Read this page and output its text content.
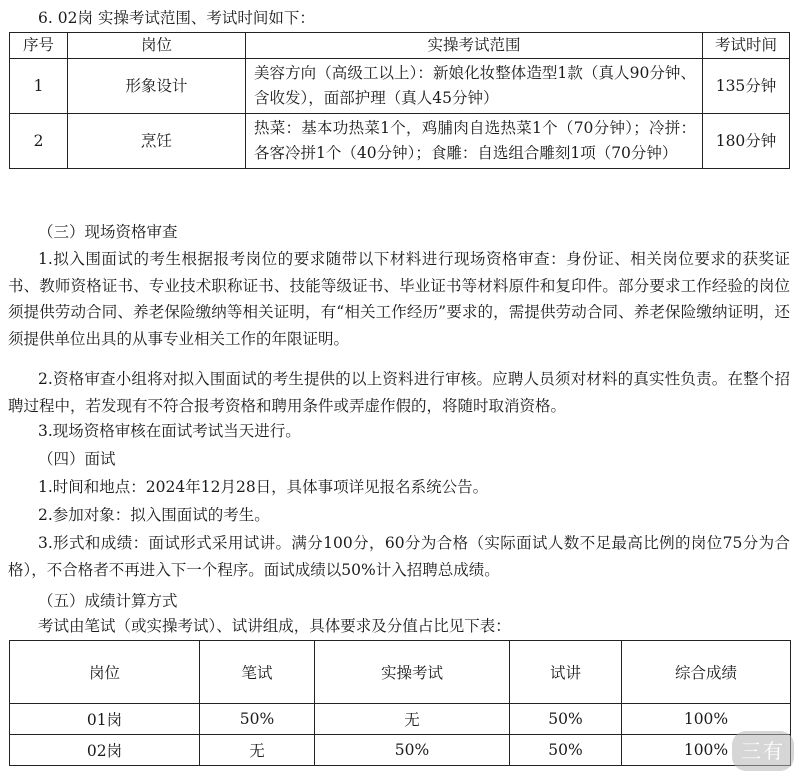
6. 02岗 实操考试范围、考试时间如下：
序号	岗位	实操考试范围	考试时间
1	形象设计	美容方向（高级工以上）：新娘化妆整体造型1款（真人90分钟、含收发），面部护理（真人45分钟）	135分钟
2	烹饪	热菜：基本功热菜1个，鸡脯肉自选热菜1个（70分钟）；冷拼：各客冷拼1个（40分钟）；食雕：自选组合雕刻1项（70分钟）	180分钟
（三）现场资格审查
1.拟入围面试的考生根据报考岗位的要求随带以下材料进行现场资格审查：身份证、相关岗位要求的获奖证书、教师资格证书、专业技术职称证书、技能等级证书、毕业证书等材料原件和复印件。部分要求工作经验的岗位须提供劳动合同、养老保险缴纳等相关证明，有“相关工作经历”要求的，需提供劳动合同、养老保险缴纳证明，还须提供单位出具的从事专业相关工作的年限证明。
2.资格审查小组将对拟入围面试的考生提供的以上资料进行审核。应聘人员须对材料的真实性负责。在整个招聘过程中，若发现有不符合报考资格和聘用条件或弄虚作假的，将随时取消资格。
3.现场资格审核在面试考试当天进行。
（四）面试
1.时间和地点：2024年12月28日，具体事项详见报名系统公告。
2.参加对象：拟入围面试的考生。
3.形式和成绩：面试形式采用试讲。满分100分，60分为合格（实际面试人数不足最高比例的岗位75分为合格），不合格者不再进入下一个程序。面试成绩以50%计入招聘总成绩。
（五）成绩计算方式
考试由笔试（或实操考试）、试讲组成，具体要求及分值占比见下表：
岗位	笔试	实操考试	试讲	综合成绩
01岗	50%	无	50%	100%
02岗	无	50%	50%	100% 三有
